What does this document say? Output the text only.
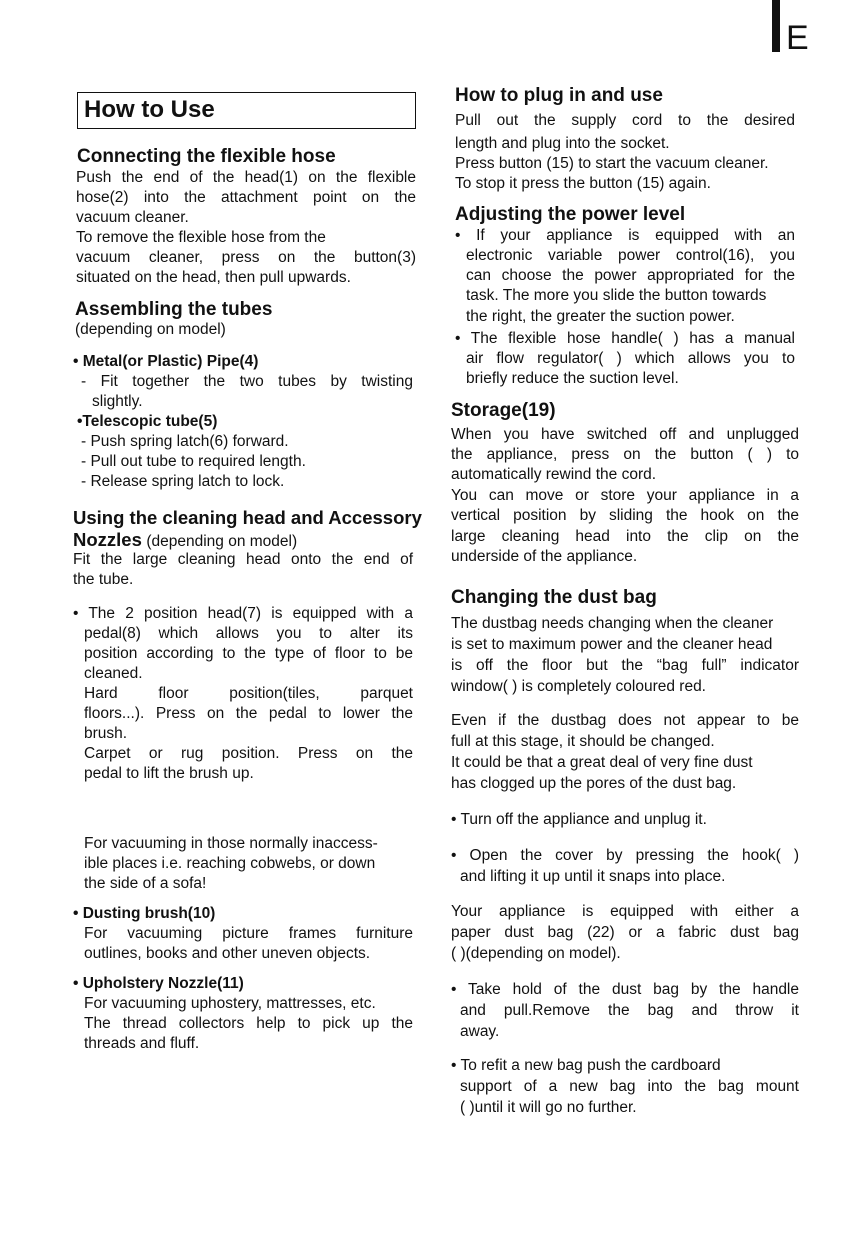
E
How to Use
Connecting the flexible hose
Push the end of the head(1) on the flexible
hose(2) into the attachment point on the
vacuum cleaner.
To remove the flexible hose from the
vacuum cleaner, press on the button(3)
situated on the head, then pull upwards.
Assembling the tubes
(depending on model)
• Metal(or Plastic) Pipe(4)
- Fit together the two tubes by twisting
slightly.
•Telescopic tube(5)
- Push spring latch(6) forward.
- Pull out tube to required length.
- Release spring latch to lock.
Using the cleaning head and Accessory
Nozzles (depending on model)
Fit the large cleaning head onto the end of
the tube.
• The 2 position head(7) is equipped with a
pedal(8) which allows you to alter its
position according to the type of floor to be
cleaned.
Hard floor position(tiles, parquet
floors...). Press on the pedal to lower the
brush.
Carpet or rug position. Press on the
pedal to lift the brush up.
For vacuuming in those normally inaccess-
ible places i.e. reaching cobwebs, or down
the side of a sofa!
• Dusting brush(10)
For vacuuming picture frames furniture
outlines, books and other uneven objects.
• Upholstery Nozzle(11)
For vacuuming uphostery, mattresses, etc.
The thread collectors help to pick up the
threads and fluff.
How to plug in and use
Pull out the supply cord to the desired
length and plug into the socket.
Press button (15) to start the vacuum cleaner.
To stop it press the button (15) again.
Adjusting the power level
• If your appliance is equipped with an
electronic variable power control(16), you
can choose the power appropriated for the
task. The more you slide the button towards
the right, the greater the suction power.
• The flexible hose handle( ) has a manual
air flow regulator( ) which allows you to
briefly reduce the suction level.
Storage(19)
When you have switched off and unplugged
the appliance, press on the button ( ) to
automatically rewind the cord.
You can move or store your appliance in a
vertical position by sliding the hook on the
large cleaning head into the clip on the
underside of the appliance.
Changing the dust bag
The dustbag needs changing when the cleaner
is set to maximum power and the cleaner head
is off the floor but the “bag full” indicator
window( ) is completely coloured red.
Even if the dustbag does not appear to be
full at this stage, it should be changed.
It could be that a great deal of very fine dust
has clogged up the pores of the dust bag.
• Turn off the appliance and unplug it.
• Open the cover by pressing the hook( )
and lifting it up until it snaps into place.
Your appliance is equipped with either a
paper dust bag (22) or a fabric dust bag
( )(depending on model).
• Take hold of the dust bag by the handle
and pull.Remove the bag and throw it
away.
• To refit a new bag push the cardboard
support of a new bag into the bag mount
( )until it will go no further.
